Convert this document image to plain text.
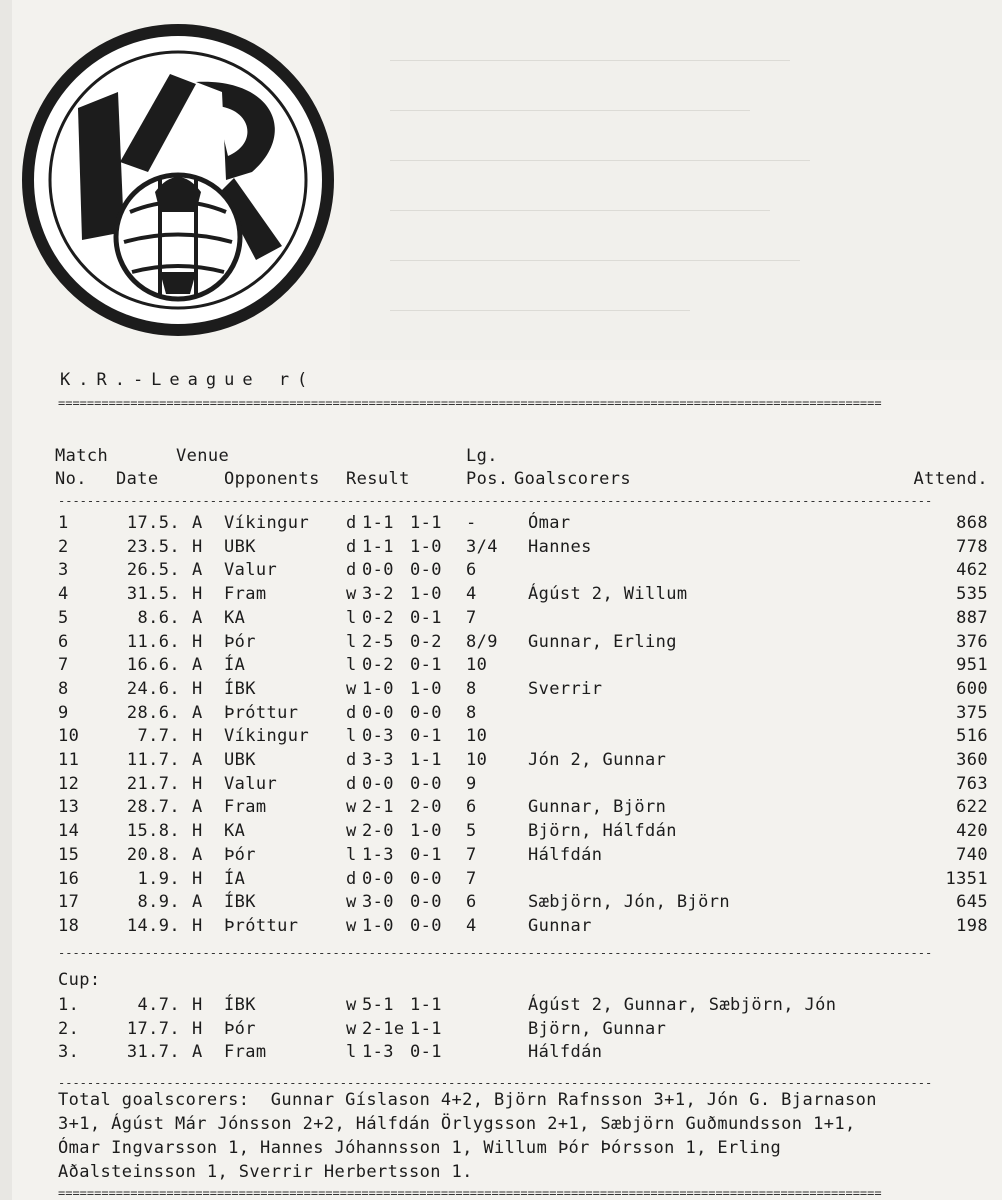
K.R.-League r(
==================================================================================================================
Match	Venue	Lg.
No. Date	Opponents Result	Pos. Goalscorers	Attend.
-------------------------------------------------------------------------------------------------------------------------
1	17.5. A Víkingur d 1-1 1-1 -	Ómar	868
2	23.5. H UBK	d 1-1 1-0 3/4 Hannes	778
3	26.5. A Valur	d 0-0 0-0 6	462
4	31.5. H Fram	w 3-2 1-0 4	Ágúst 2, Willum	535
5	8.6. A KA	l 0-2 0-1 7	887
6	11.6. H Þór	l 2-5 0-2 8/9 Gunnar, Erling	376
7	16.6. A ÍA	l 0-2 0-1 10	951
8	24.6. H ÍBK	w 1-0 1-0 8	Sverrir	600
9	28.6. A Þróttur	d 0-0 0-0 8	375
10	7.7. H Víkingur l 0-3 0-1 10	516
11	11.7. A UBK	d 3-3 1-1 10 Jón 2, Gunnar	360
12	21.7. H Valur	d 0-0 0-0 9	763
13	28.7. A Fram	w 2-1 2-0 6	Gunnar, Björn	622
14	15.8. H KA	w 2-0 1-0 5	Björn, Hálfdán	420
15	20.8. A Þór	l 1-3 0-1 7	Hálfdán	740
16	1.9. H ÍA	d 0-0 0-0 7	1351
17	8.9. A ÍBK	w 3-0 0-0 6	Sæbjörn, Jón, Björn	645
18	14.9. H Þróttur	w 1-0 0-0 4	Gunnar	198
-------------------------------------------------------------------------------------------------------------------------
Cup:
1.	4.7. H ÍBK	w 5-1 1-1	Ágúst 2, Gunnar, Sæbjörn, Jón
2.	17.7. H Þór	w 2-1e 1-1	Björn, Gunnar
3.	31.7. A Fram	l 1-3 0-1	Hálfdán
-------------------------------------------------------------------------------------------------------------------------
Total goalscorers:  Gunnar Gíslason 4+2, Björn Rafnsson 3+1, Jón G. Bjarnason
3+1, Ágúst Már Jónsson 2+2, Hálfdán Örlygsson 2+1, Sæbjörn Guðmundsson 1+1,
Ómar Ingvarsson 1, Hannes Jóhannsson 1, Willum Þór Þórsson 1, Erling
Aðalsteinsson 1, Sverrir Herbertsson 1.
==================================================================================================================
